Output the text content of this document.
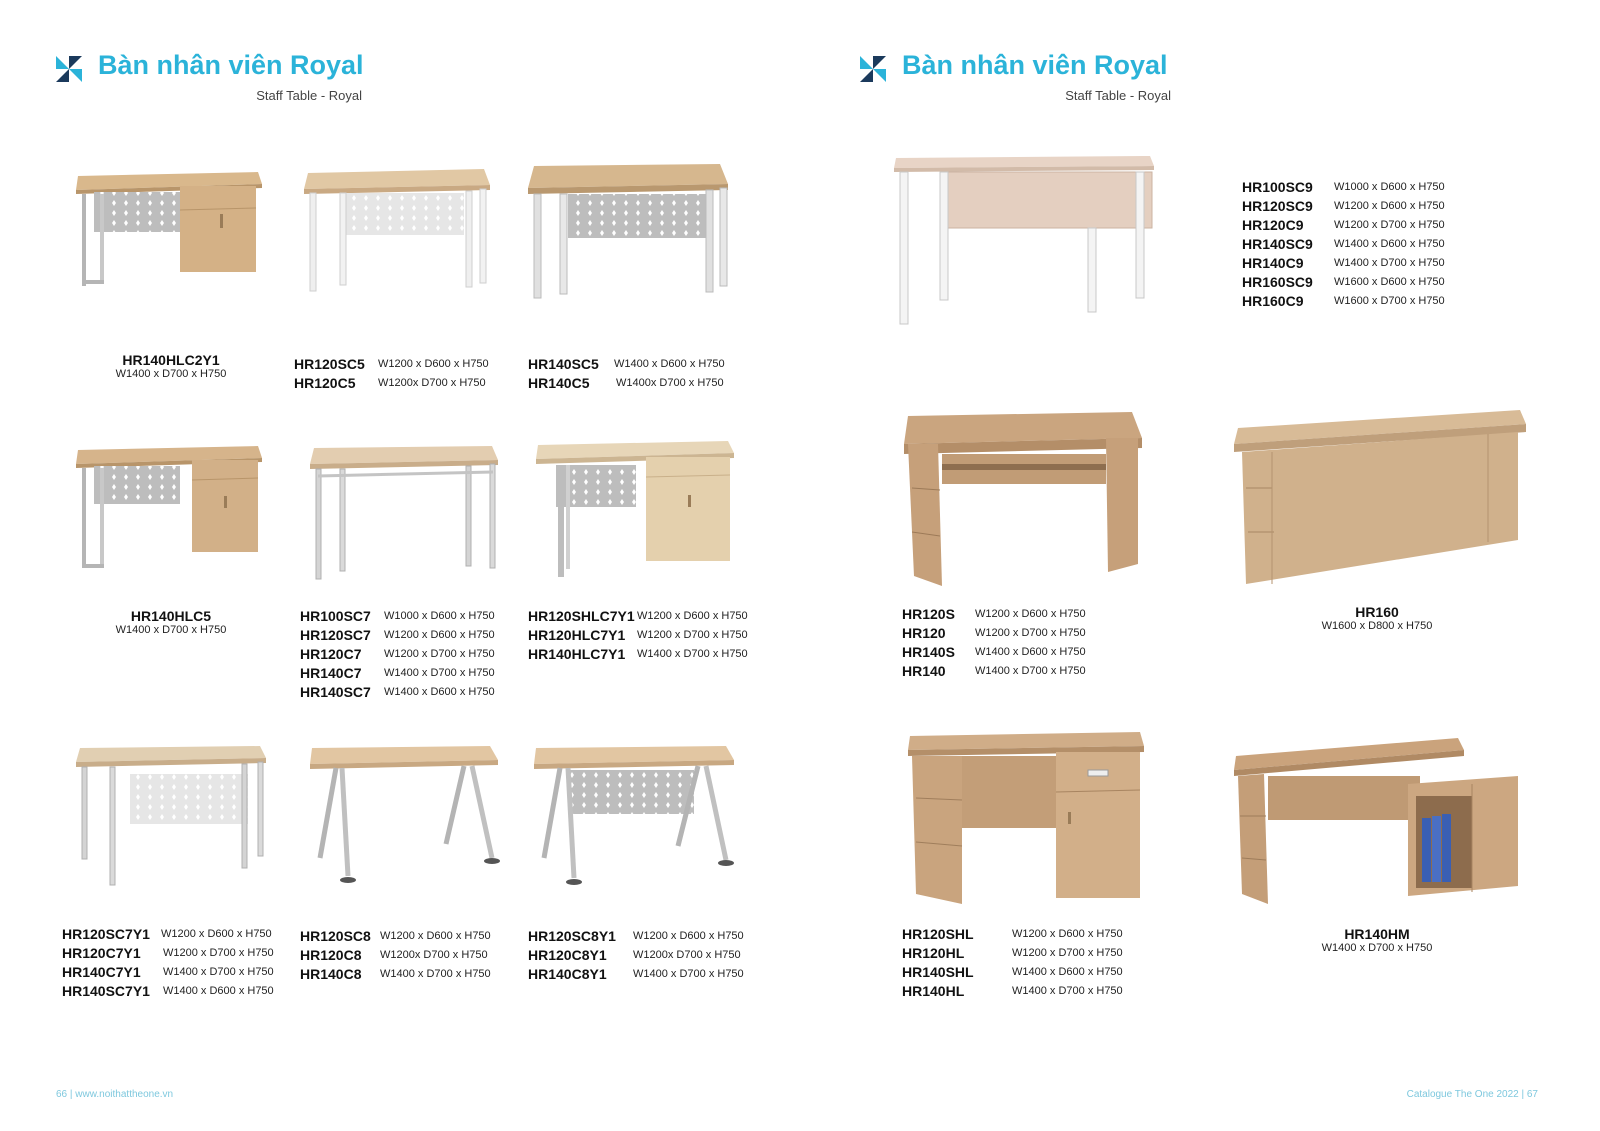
Bàn nhân viên Royal
Staff Table - Royal
Bàn nhân viên Royal
Staff Table - Royal
HR140HLC2Y1
W1400 x D700 x H750
HR120SC5	W1200 x D600 x H750
HR120C5	W1200x D700 x H750
HR140SC5	W1400 x D600 x H750
HR140C5	W1400x D700 x H750
HR140HLC5
W1400 x D700 x H750
HR100SC7	W1000 x D600 x H750
HR120SC7	W1200 x D600 x H750
HR120C7	W1200 x D700 x H750
HR140C7	W1400 x D700 x H750
HR140SC7	W1400 x D600 x H750
HR120SHLC7Y1 W1200 x D600 x H750
HR120HLC7Y1	W1200 x D700 x H750
HR140HLC7Y1	W1400 x D700 x H750
HR120SC7Y1	W1200 x D600 x H750
HR120C7Y1	W1200 x D700 x H750
HR140C7Y1	W1400 x D700 x H750
HR140SC7Y1	W1400 x D600 x H750
HR120SC8 W1200 x D600 x H750
HR120C8	W1200x D700 x H750
HR140C8	W1400 x D700 x H750
HR120SC8Y1	W1200 x D600 x H750
HR120C8Y1	W1200x D700 x H750
HR140C8Y1	W1400 x D700 x H750
HR100SC9	W1000 x D600 x H750
HR120SC9	W1200 x D600 x H750
HR120C9	W1200 x D700 x H750
HR140SC9	W1400 x D600 x H750
HR140C9	W1400 x D700 x H750
HR160SC9	W1600 x D600 x H750
HR160C9	W1600 x D700 x H750
HR120S	W1200 x D600 x H750
HR120	W1200 x D700 x H750
HR140S	W1400 x D600 x H750
HR140	W1400 x D700 x H750
HR160
W1600 x D800 x H750
HR120SHL	W1200 x D600 x H750
HR120HL	W1200 x D700 x H750
HR140SHL	W1400 x D600 x H750
HR140HL	W1400 x D700 x H750
HR140HM
W1400 x D700 x H750
66 | www.noithattheone.vn	Catalogue The One 2022 | 67
